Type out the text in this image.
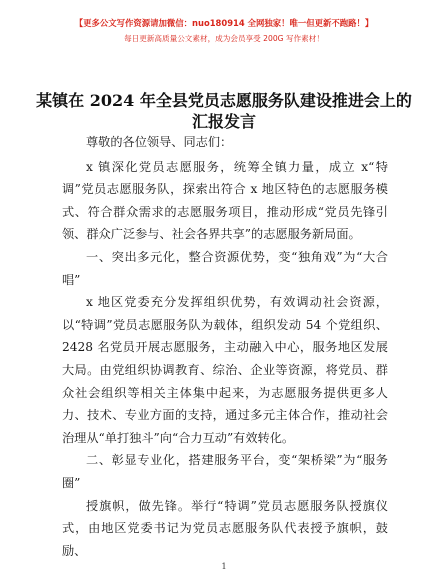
【更多公文写作资源请加微信：nuo180914 全网独家！唯一但更新不跑路！】
每日更新高质量公文素材，成为会员享受 200G 写作素材！
某镇在 2024 年全县党员志愿服务队建设推进会上的汇报发言

尊敬的各位领导、同志们：

x 镇深化党员志愿服务，统筹全镇力量，成立 x“特调”党员志愿服务队，探索出符合 x 地区特色的志愿服务模式、符合群众需求的志愿服务项目，推动形成“党员先锋引领、群众广泛参与、社会各界共享”的志愿服务新局面。

一、突出多元化，整合资源优势，变“独角戏”为“大合唱”

x 地区党委充分发挥组织优势，有效调动社会资源，以“特调”党员志愿服务队为载体，组织发动 54 个党组织、2428 名党员开展志愿服务，主动融入中心，服务地区发展大局。由党组织协调教育、综治、企业等资源，将党员、群众社会组织等相关主体集中起来，为志愿服务提供更多人力、技术、专业方面的支持，通过多元主体合作，推动社会治理从“单打独斗”向“合力互动”有效转化。

二、彰显专业化，搭建服务平台，变“架桥梁”为“服务圈”

授旗帜，做先锋。举行“特调”党员志愿服务队授旗仪式，由地区党委书记为党员志愿服务队代表授予旗帜，鼓励、

1
